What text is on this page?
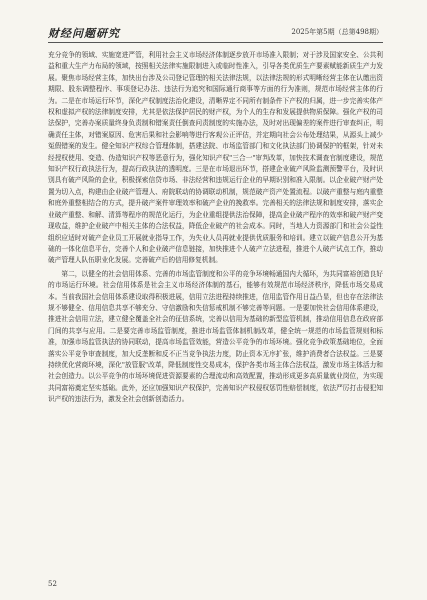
财经问题研究	2025年第5期（总第498期）

充分竞争的领域、实施宽进严管，利用社会主义市场经济体制逐步放开市场准入限制；对于涉及国家安全、公共利益和重大生产力布局的领域，按照相关法律实施限制进入或临时性准入，引导各类优质生产要素赋能新质生产力发展。聚焦市场经营主体，加快出台涉及公司登记管理的相关法律法规，以法律法规的形式明晰经营主体在认缴出资期限、股东调整程序、事项登记办法、违法行为追究和国际通行商事等方面的行为准则，规范市场经营主体的行为。二是在市场运行环节，深化产权制度法治化建设，清晰界定不同所有制条件下产权的归属，进一步完善实体产权和虚拟产权的法律制度安排，尤其是依法保护居民的财产权，为个人的生存和发展提供物质保障。强化产权的司法保护，完善办案质量终身负责制和错案责任倒查问责制度的实施办法，及时对出现偏差的案件进行审查纠正，明确责任主体，对错案原因、危害后果和社会影响等进行客观公正评估，并定期向社会公布处理结果，从源头上减少冤假错案的发生。健全知识产权综合管理体制，搭建法院、市场监管部门和文化执法部门协调保护的框架，针对未经授权使用、变造、伪造知识产权等恶意行为，强化知识产权"三合一"审判改革，加快技术调查官制度建设，规范知识产权行政执法行为，提高行政执法的透明度。三是在市场退出环节，搭建企业破产风险监测预警平台，及时识别具有破产风险的企业，积极探索信贷市场、非法经营和违规运行企业的早期识别和准入限制。以企业破产财产处置为切入点，构建由企业破产管理人、府院联动的协调联动机制，规范破产资产处置流程。以破产重整与庭内重整和庭外重整相结合的方式，提升破产案件审理效率和破产企业的挽救率。完善相关的法律法规和制度安排，落实企业破产重整、和解、清算等程序的规范化运行，为企业重组提供法治保障，提高企业破产程序的效率和破产财产变现收益，维护企业破产中相关主体的合法权益，降低企业破产的社会成本。同时，当地人力资源部门和社会公益性组织应适时对破产企业员工开展就业指导工作，为失业人员再就业提供优质服务和培训。建立以破产信息公开为基础的一体化信息平台，完善个人和企业破产信息链接，加快推进个人破产立法进程，推进个人破产试点工作，推动破产管理人队伍职业化发展。完善破产后的信用修复机制。

第二，以健全的社会信用体系、完善的市场监管制度和公平的竞争环境畅通国内大循环，为共同富裕创造良好的市场运行环境。社会信用体系是社会主义市场经济体制的基石，能够有效规范市场经济秩序，降低市场交易成本。当前我国社会信用体系建设取得积极进展，信用立法进程持续推进，信用监管作用日益凸显，但也存在法律法规不够健全、信用信息共享不够充分、守信激励和失信惩戒机制不够完善等问题。一是要加快社会信用体系建设，推进社会信用立法，建立健全覆盖全社会的征信系统，完善以信用为基础的新型监管机制，推动信用信息在政府部门间的共享与应用。二是要完善市场监管制度，推进市场监管体制机制改革，健全统一规范的市场监管规则和标准，加强市场监管执法的协同联动，提高市场监管效能，营造公平竞争的市场环境。强化竞争政策基础地位，全面落实公平竞争审查制度，加大反垄断和反不正当竞争执法力度，防止资本无序扩张，维护消费者合法权益。三是要持续优化营商环境，深化"放管服"改革，降低制度性交易成本，保护各类市场主体合法权益，激发市场主体活力和社会创造力。以公平竞争的市场环境促进资源要素的合理流动和高效配置，推动形成更多高质量就业岗位，为实现共同富裕奠定坚实基础。此外，还应加强知识产权保护，完善知识产权侵权惩罚性赔偿制度，依法严厉打击侵犯知识产权的违法行为，激发全社会创新创造活力。

52
